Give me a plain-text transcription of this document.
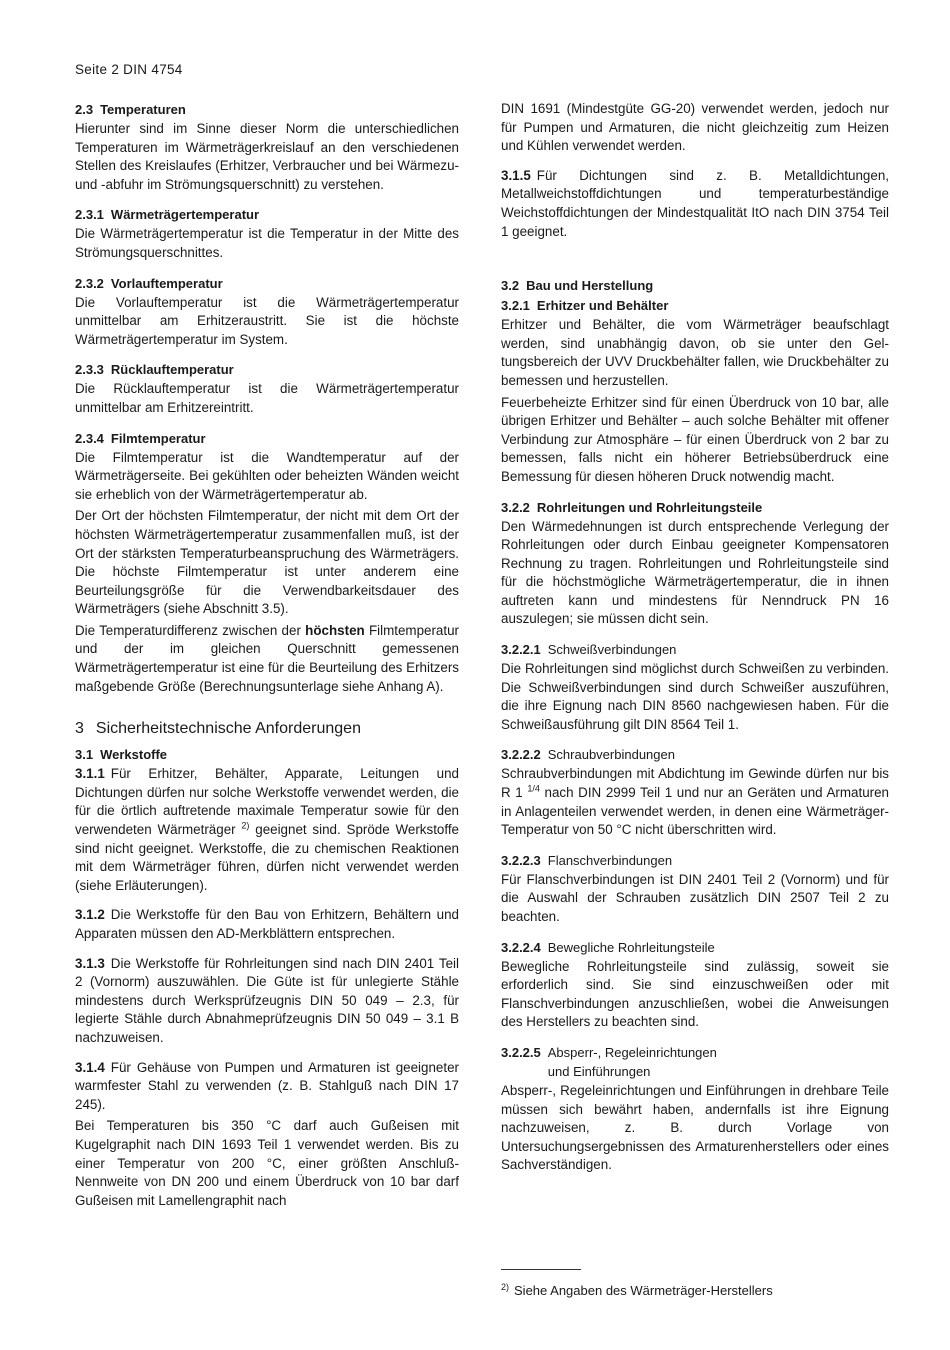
Seite 2 DIN 4754
2.3 Temperaturen

Hierunter sind im Sinne dieser Norm die unterschiedlichen Temperaturen im Wärmeträgerkreislauf an den verschiedenen Stellen des Kreislaufes (Erhitzer, Verbraucher und bei Wärmezu- und -abfuhr im Strömungsquerschnitt) zu verstehen.

2.3.1 Wärmeträgertemperatur

Die Wärmeträgertemperatur ist die Temperatur in der Mitte des Strömungsquerschnittes.

2.3.2 Vorlauftemperatur

Die Vorlauftemperatur ist die Wärmeträgertemperatur unmittelbar am Erhitzeraustritt. Sie ist die höchste Wärmeträgertemperatur im System.

2.3.3 Rücklauftemperatur

Die Rücklauftemperatur ist die Wärmeträgertemperatur unmittelbar am Erhitzereintritt.

2.3.4 Filmtemperatur

Die Filmtemperatur ist die Wandtemperatur auf der Wärmeträgerseite. Bei gekühlten oder beheizten Wänden weicht sie erheblich von der Wärmeträgertemperatur ab.

Der Ort der höchsten Filmtemperatur, der nicht mit dem Ort der höchsten Wärmeträgertemperatur zusammenfallen muß, ist der Ort der stärksten Temperaturbeanspruchung des Wärmeträgers. Die höchste Filmtemperatur ist unter anderem eine Beurteilungsgröße für die Verwendbarkeitsdauer des Wärmeträgers (siehe Abschnitt 3.5).

Die Temperaturdifferenz zwischen der höchsten Filmtemperatur und der im gleichen Querschnitt gemessenen Wärmeträgertemperatur ist eine für die Beurteilung des Erhitzers maßgebende Größe (Berechnungsunterlage siehe Anhang A).

3 Sicherheitstechnische Anforderungen
3.1 Werkstoffe

3.1.1 Für Erhitzer, Behälter, Apparate, Leitungen und Dichtungen dürfen nur solche Werkstoffe verwendet werden, die für die örtlich auftretende maximale Temperatur sowie für den verwendeten Wärmeträger $^{2)}$ geeignet sind. Spröde Werkstoffe sind nicht geeignet. Werkstoffe, die zu chemischen Reaktionen mit dem Wärmeträger führen, dürfen nicht verwendet werden (siehe Erläuterungen).

3.1.2 Die Werkstoffe für den Bau von Erhitzern, Behältern und Apparaten müssen den AD-Merkblättern entsprechen.

3.1.3 Die Werkstoffe für Rohrleitungen sind nach DIN 2401 Teil 2 (Vornorm) auszuwählen. Die Güte ist für unlegierte Stähle mindestens durch Werksprüfzeugnis DIN 50 049 – 2.3, für legierte Stähle durch Abnahmeprüfzeugnis DIN 50 049 – 3.1 B nachzuweisen.

3.1.4 Für Gehäuse von Pumpen und Armaturen ist geeigneter warmfester Stahl zu verwenden (z. B. Stahlguß nach DIN 17 245).

Bei Temperaturen bis 350 °C darf auch Gußeisen mit Kugelgraphit nach DIN 1693 Teil 1 verwendet werden. Bis zu einer Temperatur von 200 °C, einer größten Anschluß-Nennweite von DN 200 und einem Überdruck von 10 bar darf Gußeisen mit Lamellengraphit nach

DIN 1691 (Mindestgüte GG-20) verwendet werden, jedoch nur für Pumpen und Armaturen, die nicht gleichzeitig zum Heizen und Kühlen verwendet werden.

3.1.5 Für Dichtungen sind z. B. Metalldichtungen, Metallweichstoffdichtungen und temperaturbeständige Weichstoffdichtungen der Mindestqualität ItO nach DIN 3754 Teil 1 geeignet.

3.2 Bau und Herstellung
3.2.1 Erhitzer und Behälter

Erhitzer und Behälter, die vom Wärmeträger beaufschlagt werden, sind unabhängig davon, ob sie unter den Geltungsbereich der UVV Druckbehälter fallen, wie Druckbehälter zu bemessen und herzustellen.

Feuerbeheizte Erhitzer sind für einen Überdruck von 10 bar, alle übrigen Erhitzer und Behälter – auch solche Behälter mit offener Verbindung zur Atmosphäre – für einen Überdruck von 2 bar zu bemessen, falls nicht ein höherer Betriebsüberdruck eine Bemessung für diesen höheren Druck notwendig macht.

3.2.2 Rohrleitungen und Rohrleitungsteile

Den Wärmedehnungen ist durch entsprechende Verlegung der Rohrleitungen oder durch Einbau geeigneter Kompensatoren Rechnung zu tragen. Rohrleitungen und Rohrleitungsteile sind für die höchstmögliche Wärmeträgertemperatur, die in ihnen auftreten kann und mindestens für Nenndruck PN 16 auszulegen; sie müssen dicht sein.

3.2.2.1 Schweißverbindungen

Die Rohrleitungen sind möglichst durch Schweißen zu verbinden. Die Schweißverbindungen sind durch Schweißer auszuführen, die ihre Eignung nach DIN 8560 nachgewiesen haben. Für die Schweißausführung gilt DIN 8564 Teil 1.

3.2.2.2 Schraubverbindungen

Schraubverbindungen mit Abdichtung im Gewinde dürfen nur bis R 1 $^{1/4}$ nach DIN 2999 Teil 1 und nur an Geräten und Armaturen in Anlagenteilen verwendet werden, in denen eine Wärmeträger-Temperatur von 50 °C nicht überschritten wird.

3.2.2.3 Flanschverbindungen

Für Flanschverbindungen ist DIN 2401 Teil 2 (Vornorm) und für die Auswahl der Schrauben zusätzlich DIN 2507 Teil 2 zu beachten.

3.2.2.4 Bewegliche Rohrleitungsteile

Bewegliche Rohrleitungsteile sind zulässig, soweit sie erforderlich sind. Sie sind einzuschweißen oder mit Flanschverbindungen anzuschließen, wobei die Anweisungen des Herstellers zu beachten sind.

3.2.2.5 Absperr-, Regeleinrichtungen
und Einführungen

Absperr-, Regeleinrichtungen und Einführungen in drehbare Teile müssen sich bewährt haben, andernfalls ist ihre Eignung nachzuweisen, z. B. durch Vorlage von Untersuchungsergebnissen des Armaturenherstellers oder eines Sachverständigen.

$^{2)}$ Siehe Angaben des Wärmeträger-Herstellers
